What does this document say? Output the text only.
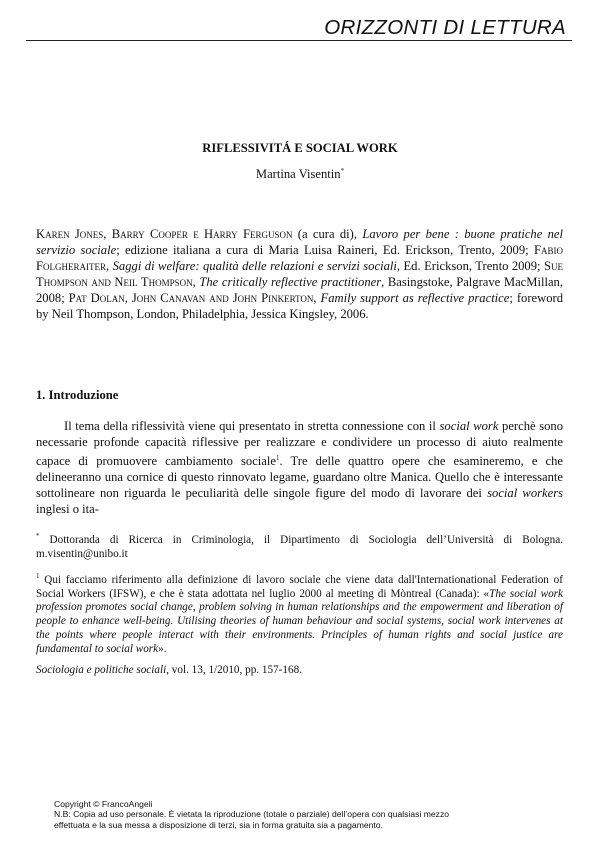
ORIZZONTI DI LETTURA
RIFLESSIVITÁ E SOCIAL WORK
Martina Visentin*

Karen Jones, Barry Cooper e Harry Ferguson (a cura di), Lavoro per bene : buone pratiche nel servizio sociale; edizione italiana a cura di Maria Luisa Raineri, Ed. Erickson, Trento, 2009; Fabio Folgheraiter, Saggi di welfare: qualità delle relazioni e servizi sociali, Ed. Erickson, Trento 2009; Sue Thompson and Neil Thompson, The critically reflective practitioner, Basingstoke, Palgrave MacMillan, 2008; Pat Dolan, John Canavan and John Pinkerton, Family support as reflective practice; foreword by Neil Thompson, London, Philadelphia, Jessica Kingsley, 2006.

1. Introduzione

Il tema della riflessività viene qui presentato in stretta connessione con il social work perchè sono necessarie profonde capacità riflessive per realizzare e condividere un processo di aiuto realmente capace di promuovere cambiamento sociale$^1$. Tre delle quattro opere che esamineremo, e che delineeranno una cornice di questo rinnovato legame, guardano oltre Manica. Quello che è interessante sottolineare non riguarda le peculiarità delle singole figure del modo di lavorare dei social workers inglesi o ita-

* Dottoranda di Ricerca in Criminologia, il Dipartimento di Sociologia dell’Università di Bologna. m.visentin@unibo.it

$^1$ Qui facciamo riferimento alla definizione di lavoro sociale che viene data dall'Internationational Federation of Social Workers (IFSW), e che è stata adottata nel luglio 2000 al meeting di Mòntreal (Canada): «The social work profession promotes social change, problem solving in human relationships and the empowerment and liberation of people to enhance well-being. Utilising theories of human behaviour and social systems, social work intervenes at the points where people interact with their environments. Principles of human rights and social justice are fundamental to social work».

Sociologia e politiche sociali, vol. 13, 1/2010, pp. 157-168.

Copyright © FrancoAngeli
N.B: Copia ad uso personale. È vietata la riproduzione (totale o parziale) dell’opera con qualsiasi mezzo
effettuata e la sua messa a disposizione di terzi, sia in forma gratuita sia a pagamento.
